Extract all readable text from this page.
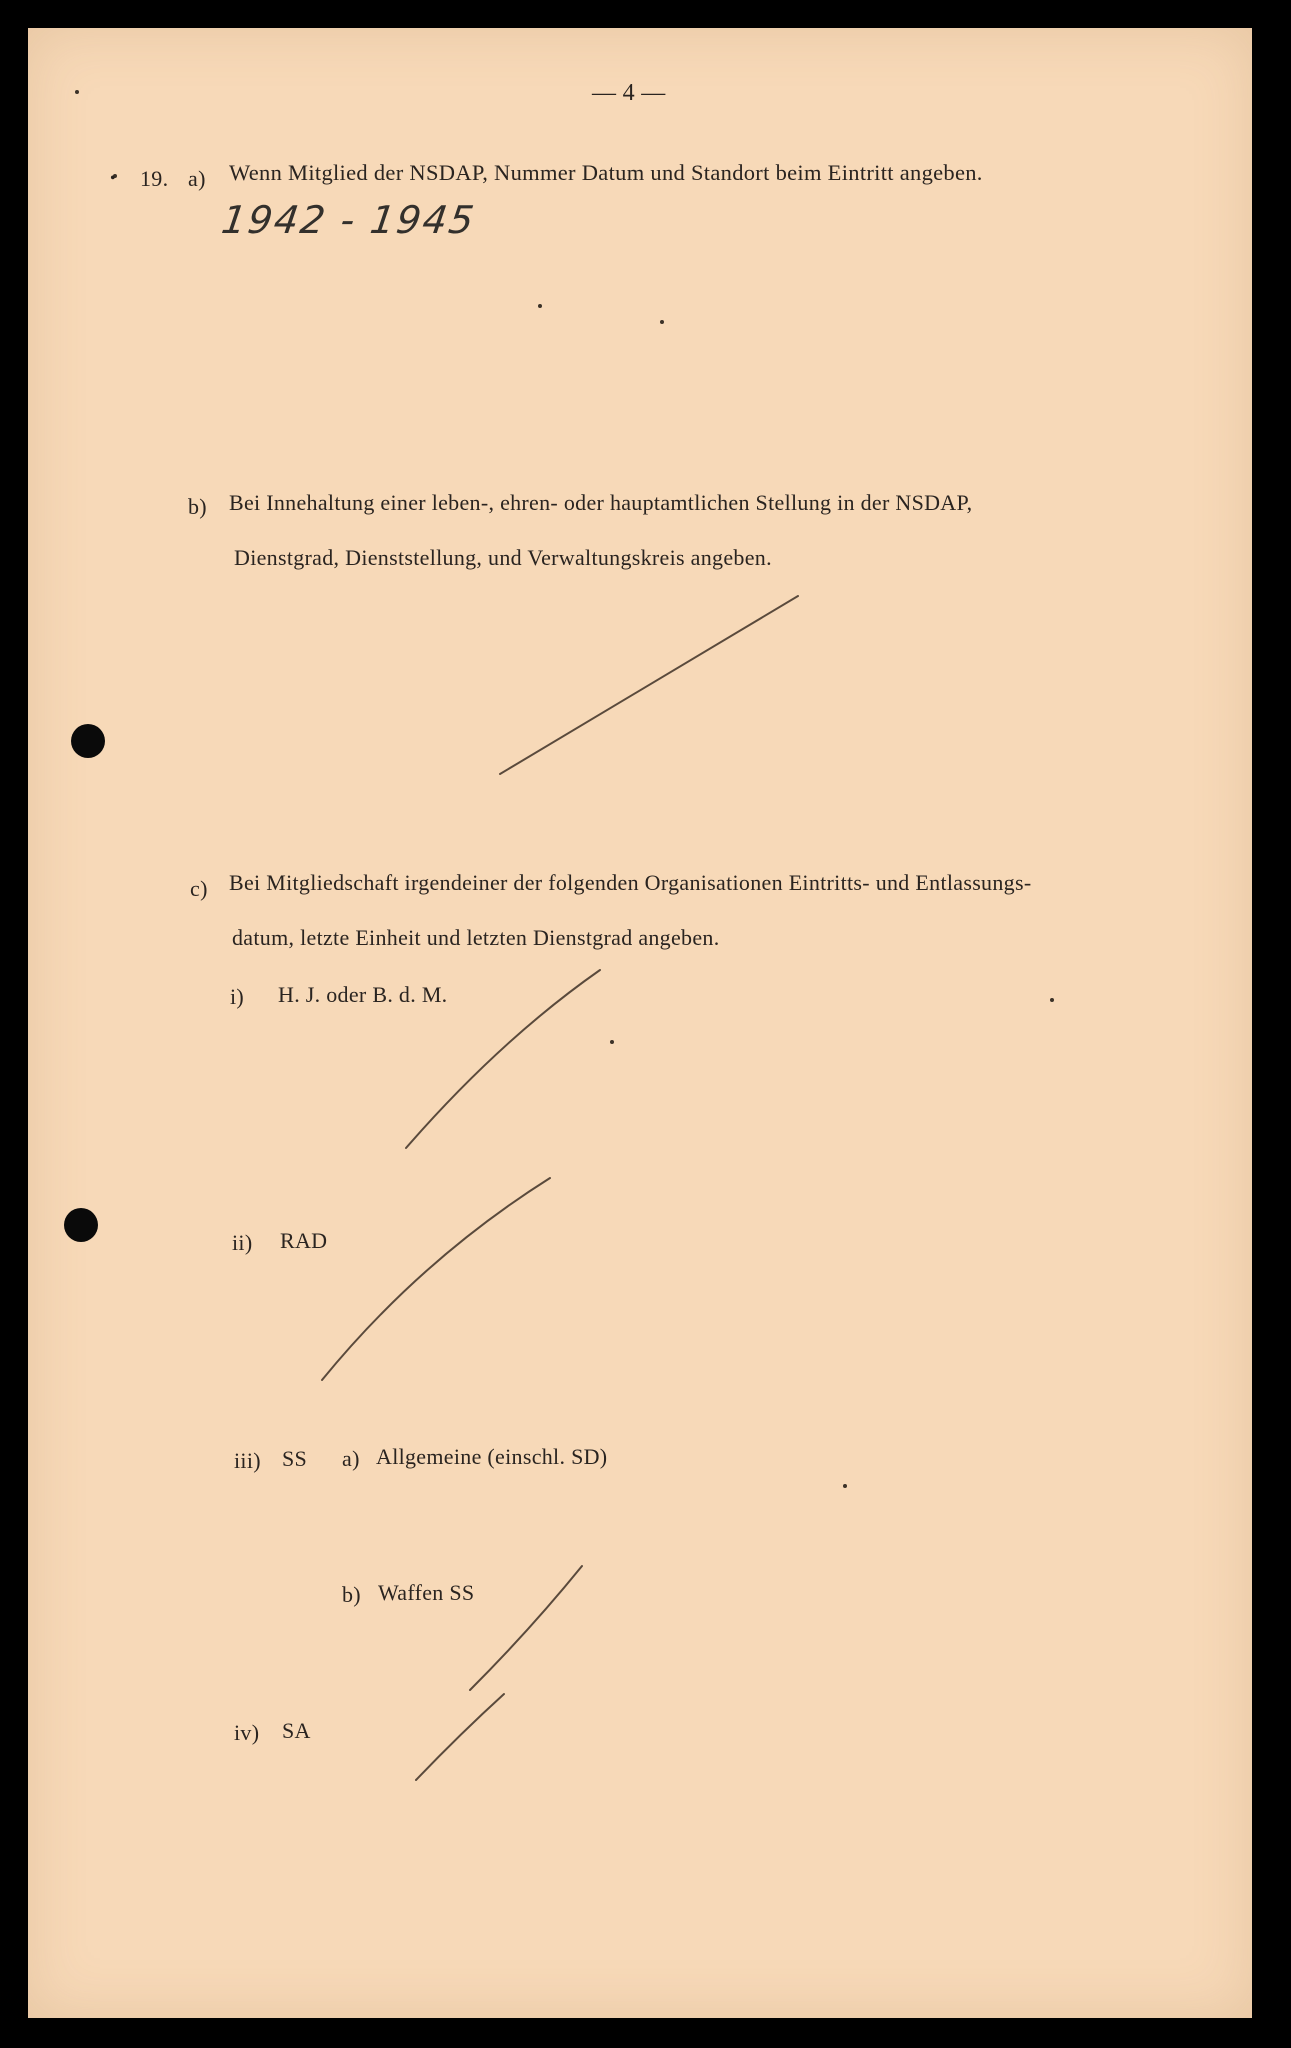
— 4 —
• 19. a) Wenn Mitglied der NSDAP, Nummer Datum und Standort beim Eintritt angeben.
1942 - 1945
b) Bei Innehaltung einer leben-, ehren- oder hauptamtlichen Stellung in der NSDAP,
Dienstgrad, Dienststellung, und Verwaltungskreis angeben.
c) Bei Mitgliedschaft irgendeiner der folgenden Organisationen Eintritts- und Entlassungs-
datum, letzte Einheit und letzten Dienstgrad angeben.
i) H. J. oder B. d. M.
ii) RAD
iii) SS a) Allgemeine (einschl. SD)
b) Waffen SS
iv) SA
